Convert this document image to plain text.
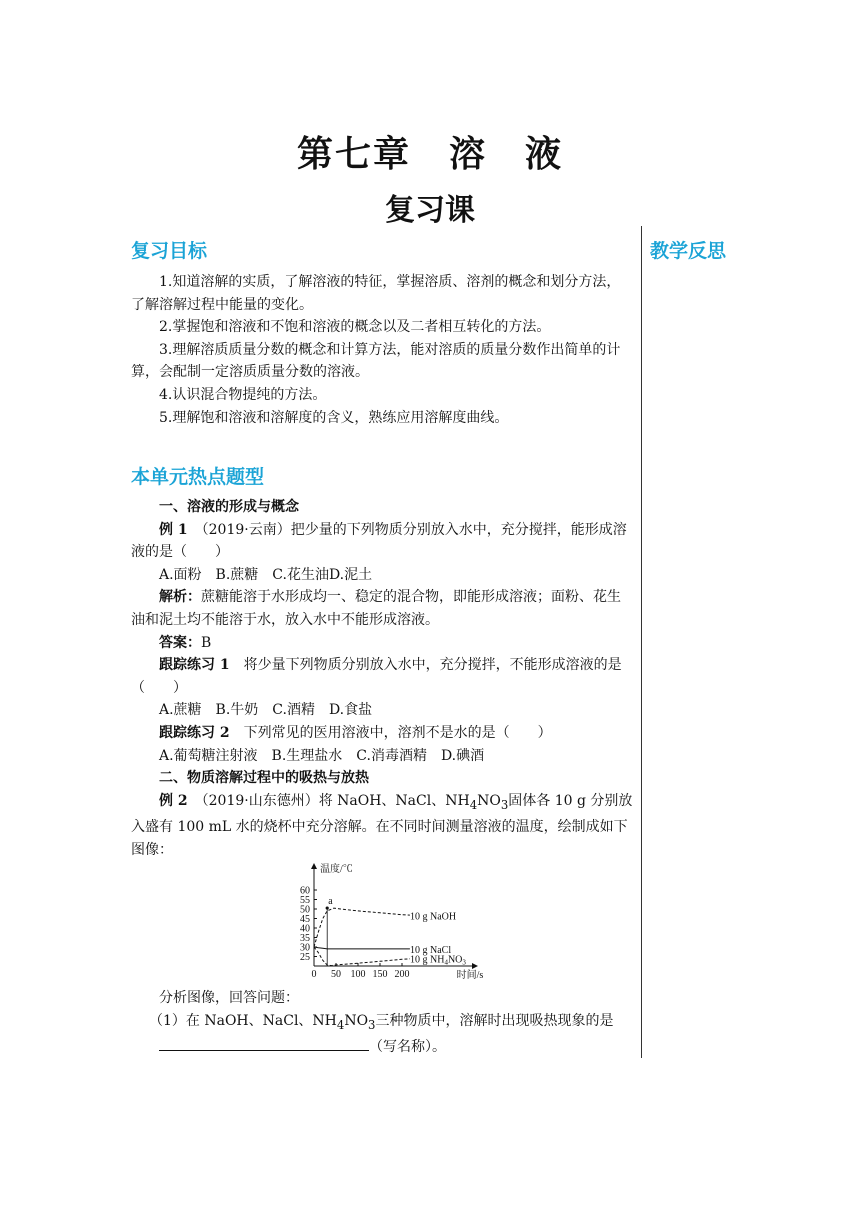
第七章　溶　液
复习课
复习目标	教学反思

1.知道溶解的实质，了解溶液的特征，掌握溶质、溶剂的概念和划分方法，了解溶解过程中能量的变化。

2.掌握饱和溶液和不饱和溶液的概念以及二者相互转化的方法。

3.理解溶质质量分数的概念和计算方法，能对溶质的质量分数作出简单的计算，会配制一定溶质质量分数的溶液。

4.认识混合物提纯的方法。

5.理解饱和溶液和溶解度的含义，熟练应用溶解度曲线。

本单元热点题型

一、溶液的形成与概念

例 1　（2019·云南）把少量的下列物质分别放入水中，充分搅拌，能形成溶液的是（　　）

A.面粉　B.蔗糖　C.花生油D.泥土

解析：蔗糖能溶于水形成均一、稳定的混合物，即能形成溶液；面粉、花生油和泥土均不能溶于水，放入水中不能形成溶液。

答案：B

跟踪练习 1　将少量下列物质分别放入水中，充分搅拌，不能形成溶液的是（　　）

A.蔗糖　B.牛奶　C.酒精　D.食盐

跟踪练习 2　下列常见的医用溶液中，溶剂不是水的是（　　）

A.葡萄糖注射液　B.生理盐水　C.消毒酒精　D.碘酒

二、物质溶解过程中的吸热与放热

例 2　（2019·山东德州）将 NaOH、NaCl、$NH_4NO_3$固体各 10 g 分别放入盛有 100 mL 水的烧杯中充分溶解。在不同时间测量溶液的温度，绘制成如下图像：

60
55
50
45
40
35
30
25
0 50 100 150 200
温度/℃
时间/s
a
10 g NaOH
10 g NaCl
10 g $NH_4NO_3$

分析图像，回答问题：

（1）在 NaOH、NaCl、$NH_4NO_3$三种物质中，溶解时出现吸热现象的是

（写名称）。
